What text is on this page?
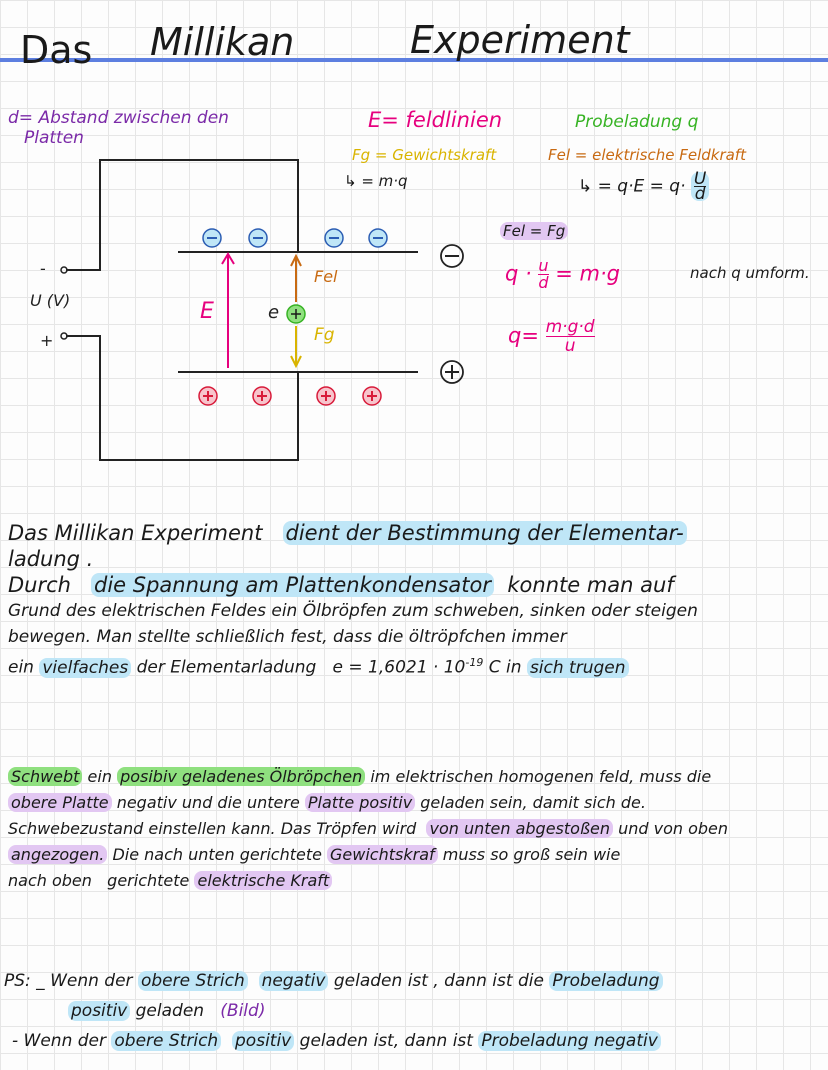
Das Millikan	Experiment
d= Abstand zwischen den
Platten
E= feldlinien	Probeladung q
Fg = Gewichtskraft
↳ = m·q
Fel = elektrische Feldkraft
↳ = $q\cdot E = q\cdot \frac{U}{d}$
Fel = Fg
$q \cdot \frac{u}{d} = m\cdot g$	nach q umform.
$q= \frac{m\cdot g\cdot d}{u}$
-
+
U (V)	E	e
Fel
Fg
Das Millikan Experiment dient der Bestimmung der Elementar-
ladung .
Durch die Spannung am Plattenkondensator konnte man auf
Grund des elektrischen Feldes ein Ölbröpfen zum schweben, sinken oder steigen
bewegen. Man stellte schließlich fest, dass die öltröpfchen immer
ein vielfaches der Elementarladung $e = 1,6021 \cdot 10^{-19}$ C in sich trugen
Schwebt ein posibiv geladenes Ölbröpchen im elektrischen homogenen feld, muss die
obere Platte negativ und die untere Platte positiv geladen sein, damit sich de.
Schwebezustand einstellen kann. Das Tröpfen wird von unten abgestoßen und von oben
angezogen. Die nach unten gerichtete Gewichtskraf muss so groß sein wie
nach oben gerichtete elektrische Kraft
PS: _ Wenn der obere Strich negativ geladen ist , dann ist die Probeladung
positiv geladen (Bild)
- Wenn der obere Strich positiv geladen ist, dann ist Probeladung negativ
